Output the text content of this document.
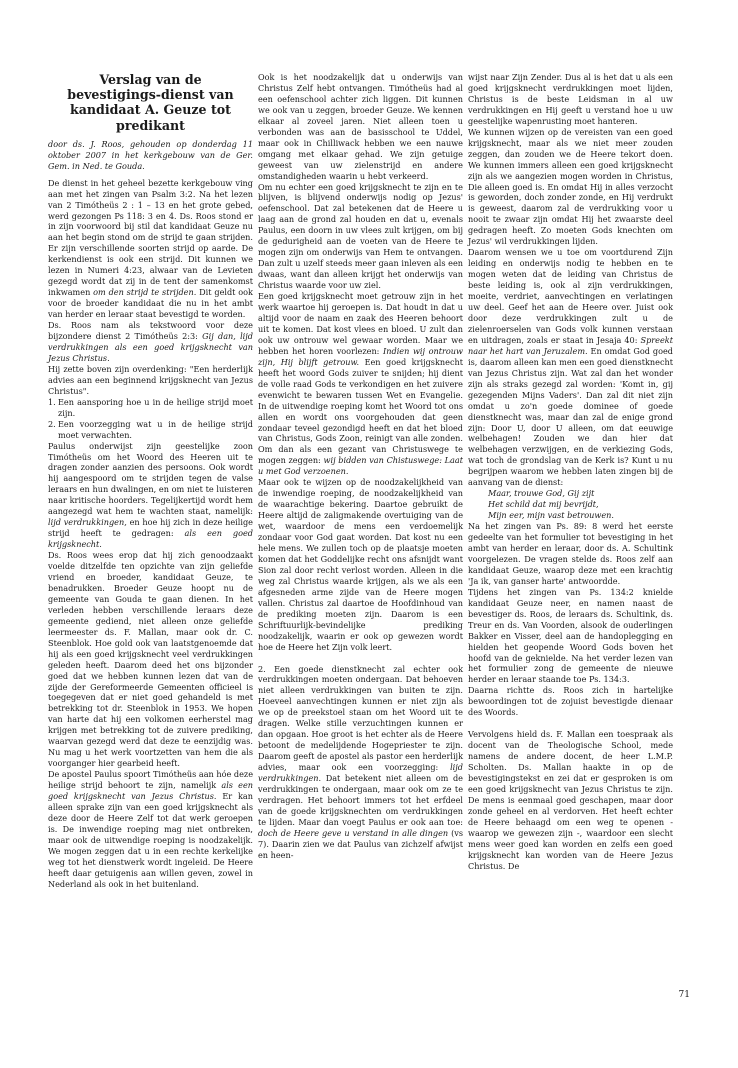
Verslag van de bevestigings-dienst van kandidaat A. Geuze tot predikant

door ds. J. Roos, gehouden op donderdag 11 oktober 2007 in het kerkgebouw van de Ger. Gem. in Ned. te Gouda.

De dienst in het geheel bezette kerkgebouw ving aan met het zingen van Psalm 3:2. Na het lezen van 2 Timótheüs 2 : 1 – 13 en het grote gebed, werd gezongen Ps 118: 3 en 4. Ds. Roos stond er in zijn voorwoord bij stil dat kandidaat Geuze nu aan het begin stond om de strijd te gaan strijden. Er zijn verschillende soorten strijd op aarde. De kerkendienst is ook een strijd. Dit kunnen we lezen in Numeri 4:23, alwaar van de Levieten gezegd wordt dat zij in de tent der samenkomst inkwamen om den strijd te strijden. Dit geldt ook voor de broeder kandidaat die nu in het ambt van herder en leraar staat bevestigd te worden.

Ds. Roos nam als tekstwoord voor deze bijzondere dienst 2 Timótheüs 2:3: Gij dan, lijd verdrukkingen als een goed krijgsknecht van Jezus Christus.

Hij zette boven zijn overdenking: "Een herderlijk advies aan een beginnend krijgsknecht van Jezus Christus".

1. Een aansporing hoe u in de heilige strijd moet zijn.
2. Een voorzegging wat u in de heilige strijd moet verwachten.

Paulus onderwijst zijn geestelijke zoon Timótheüs om het Woord des Heeren uit te dragen zonder aanzien des persoons. Ook wordt hij aangespoord om te strijden tegen de valse leraars en hun dwalingen, en om niet te luisteren naar kritische hoorders. Tegelijkertijd wordt hem aangezegd wat hem te wachten staat, namelijk: lijd verdrukkingen, en hoe hij zich in deze heilige strijd heeft te gedragen: als een goed krijgsknecht.

Ds. Roos wees erop dat hij zich genoodzaakt voelde ditzelfde ten opzichte van zijn geliefde vriend en broeder, kandidaat Geuze, te benadrukken. Broeder Geuze hoopt nu de gemeente van Gouda te gaan dienen. In het verleden hebben verschillende leraars deze gemeente gediend, niet alleen onze geliefde leermeester ds. F. Mallan, maar ook dr. C. Steenblok. Hoe gold ook van laatstgenoemde dat hij als een goed krijgsknecht veel verdrukkingen geleden heeft. Daarom deed het ons bijzonder goed dat we hebben kunnen lezen dat van de zijde der Gereformeerde Gemeenten officieel is toegegeven dat er niet goed gehandeld is met betrekking tot dr. Steenblok in 1953. We hopen van harte dat hij een volkomen eerherstel mag krijgen met betrekking tot de zuivere prediking, waarvan gezegd werd dat deze te eenzijdig was. Nu mag u het werk voortzetten van hem die als voorganger hier gearbeid heeft.

De apostel Paulus spoort Timótheüs aan hóe deze heilige strijd behoort te zijn, namelijk als een goed krijgsknecht van Jezus Christus. Er kan alleen sprake zijn van een goed krijgsknecht als deze door de Heere Zelf tot dat werk geroepen is. De inwendige roeping mag niet ontbreken, maar ook de uitwendige roeping is noodzakelijk. We mogen zeggen dat u in een rechte kerkelijke weg tot het dienstwerk wordt ingeleid. De Heere heeft daar getuigenis aan willen geven, zowel in Nederland als ook in het buitenland.

Ook is het noodzakelijk dat u onderwijs van Christus Zelf hebt ontvangen. Timótheüs had al een oefenschool achter zich liggen. Dit kunnen we ook van u zeggen, broeder Geuze. We kennen elkaar al zoveel jaren. Niet alleen toen u verbonden was aan de basisschool te Uddel, maar ook in Chilliwack hebben we een nauwe omgang met elkaar gehad. We zijn getuige geweest van uw zielenstrijd en andere omstandigheden waarin u hebt verkeerd.

Om nu echter een goed krijgsknecht te zijn en te blijven, is blijvend onderwijs nodig op Jezus' oefenschool. Dat zal betekenen dat de Heere u laag aan de grond zal houden en dat u, evenals Paulus, een doorn in uw vlees zult krijgen, om bij de gedurigheid aan de voeten van de Heere te mogen zijn om onderwijs van Hem te ontvangen. Dan zult u uzelf steeds meer gaan inleven als een dwaas, want dan alleen krijgt het onderwijs van Christus waarde voor uw ziel.

Een goed krijgsknecht moet getrouw zijn in het werk waartoe hij geroepen is. Dat houdt in dat u altijd voor de naam en zaak des Heeren behoort uit te komen. Dat kost vlees en bloed. U zult dan ook uw ontrouw wel gewaar worden. Maar we hebben het horen voorlezen: Indien wij ontrouw zijn, Hij blijft getrouw. Een goed krijgsknecht heeft het woord Gods zuiver te snijden; hij dient de volle raad Gods te verkondigen en het zuivere evenwicht te bewaren tussen Wet en Evangelie. In de uitwendige roeping komt het Woord tot ons allen en wordt ons voorgehouden dat geen zondaar teveel gezondigd heeft en dat het bloed van Christus, Gods Zoon, reinigt van alle zonden. Om dan als een gezant van Christuswege te mogen zeggen: wij bidden van Chistuswege: Laat u met God verzoenen.

Maar ook te wijzen op de noodzakelijkheid van de inwendige roeping, de noodzakelijkheid van de waarachtige bekering. Daartoe gebruikt de Heere altijd de zaligmakende overtuiging van de wet, waardoor de mens een verdoemelijk zondaar voor God gaat worden. Dat kost nu een hele mens. We zullen toch op de plaatsje moeten komen dat het Goddelijke recht ons afsnijdt want Sion zal door recht verlost worden. Alleen in die weg zal Christus waarde krijgen, als we als een afgesneden arme zijde van de Heere mogen vallen. Christus zal daartoe de Hoofdinhoud van de prediking moeten zijn. Daarom is een Schriftuurlijk-bevindelijke prediking noodzakelijk, waarin er ook op gewezen wordt hoe de Heere het Zijn volk leert.

2. Een goede dienstknecht zal echter ook verdrukkingen moeten ondergaan. Dat behoeven niet alleen verdrukkingen van buiten te zijn. Hoeveel aanvechtingen kunnen er niet zijn als we op de preekstoel staan om het Woord uit te dragen. Welke stille verzuchtingen kunnen er dan opgaan. Hoe groot is het echter als de Heere betoont de medelijdende Hogepriester te zijn. Daarom geeft de apostel als pastor een herderlijk advies, maar ook een voorzegging: lijd verdrukkingen. Dat betekent niet alleen om de verdrukkingen te ondergaan, maar ook om ze te verdragen. Het behoort immers tot het erfdeel van de goede krijgsknechten om verdrukkingen te lijden. Maar dan voegt Paulus er ook aan toe: doch de Heere geve u verstand in alle dingen (vs 7). Daarin zien we dat Paulus van zichzelf afwijst en heen-

wijst naar Zijn Zender. Dus al is het dat u als een goed krijgsknecht verdrukkingen moet lijden, Christus is de beste Leidsman in al uw verdrukkingen en Hij geeft u verstand hoe u uw geestelijke wapenrusting moet hanteren.

We kunnen wijzen op de vereisten van een goed krijgsknecht, maar als we niet meer zouden zeggen, dan zouden we de Heere tekort doen. We kunnen immers alleen een goed krijgsknecht zijn als we aangezien mogen worden in Christus, Die alleen goed is. En omdat Hij in alles verzocht is geworden, doch zonder zonde, en Hij verdrukt is geweest, daarom zal de verdrukking voor u nooit te zwaar zijn omdat Hij het zwaarste deel gedragen heeft. Zo moeten Gods knechten om Jezus' wil verdrukkingen lijden.

Daarom wensen we u toe om voortdurend Zijn leiding en onderwijs nodig te hebben en te mogen weten dat de leiding van Christus de beste leiding is, ook al zijn verdrukkingen, moeite, verdriet, aanvechtingen en verlatingen uw deel. Geef het aan de Heere over. Juist ook door deze verdrukkingen zult u de zielenroerselen van Gods volk kunnen verstaan en uitdragen, zoals er staat in Jesaja 40: Spreekt naar het hart van Jeruzalem. En omdat God goed is, daarom alleen kan men een goed dienstknecht van Jezus Christus zijn. Wat zal dan het wonder zijn als straks gezegd zal worden: 'Komt in, gij gezegenden Mijns Vaders'. Dan zal dit niet zijn omdat u zo'n goede dominee of goede dienstknecht was, maar dan zal de enige grond zijn: Door U, door U alleen, om dat eeuwige welbehagen! Zouden we dan hier dat welbehagen verzwijgen, en de verkiezing Gods, wat toch de grondslag van de Kerk is? Kunt u nu begrijpen waarom we hebben laten zingen bij de aanvang van de dienst:

Maar, trouwe God, Gij zijt

Het schild dat mij bevrijdt,

Mijn eer, mijn vast betrouwen.

Na het zingen van Ps. 89: 8 werd het eerste gedeelte van het formulier tot bevestiging in het ambt van herder en leraar, door ds. A. Schultink voorgelezen. De vragen stelde ds. Roos zelf aan kandidaat Geuze, waarop deze met een krachtig 'Ja ik, van ganser harte' antwoordde.

Tijdens het zingen van Ps. 134:2 knielde kandidaat Geuze neer, en namen naast de bevestiger ds. Roos, de leraars ds. Schultink, ds. Treur en ds. Van Voorden, alsook de ouderlingen Bakker en Visser, deel aan de handoplegging en hielden het geopende Woord Gods boven het hoofd van de geknielde. Na het verder lezen van het formulier zong de gemeente de nieuwe herder en leraar staande toe Ps. 134:3.

Daarna richtte ds. Roos zich in hartelijke bewoordingen tot de zojuist bevestigde dienaar des Woords.

Vervolgens hield ds. F. Mallan een toespraak als docent van de Theologische School, mede namens de andere docent, de heer L.M.P. Scholten. Ds. Mallan haakte in op de bevestigingstekst en zei dat er gesproken is om een goed krijgsknecht van Jezus Christus te zijn. De mens is eenmaal goed geschapen, maar door zonde geheel en al verdorven. Het heeft echter de Heere behaagd om een weg te openen - waarop we gewezen zijn -, waardoor een slecht mens weer goed kan worden en zelfs een goed krijgsknecht kan worden van de Heere Jezus Christus. De

71
